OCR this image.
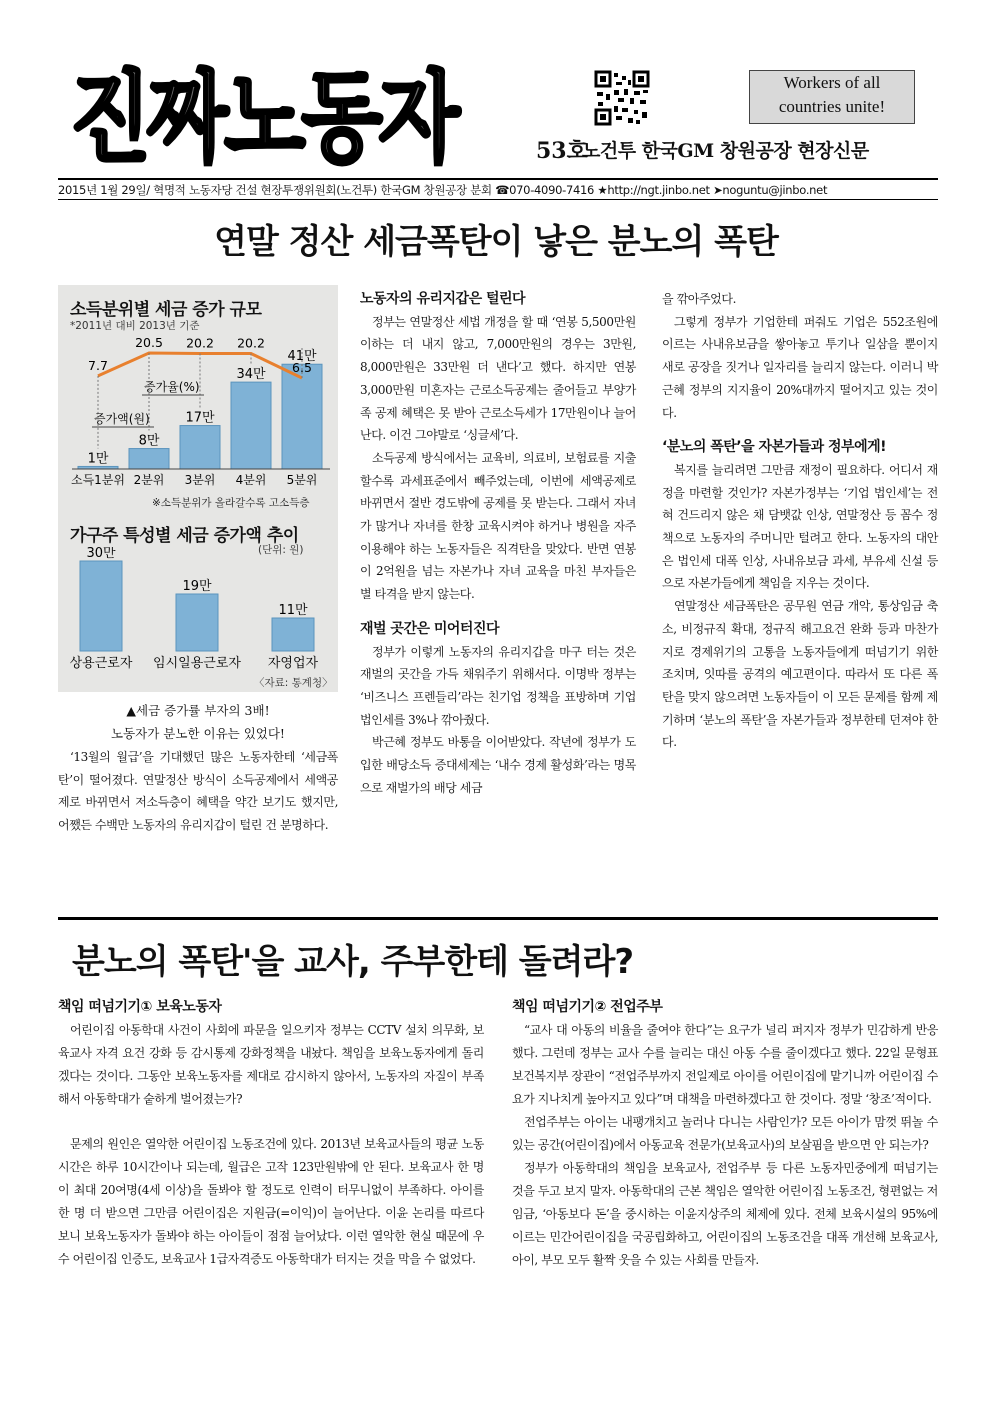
진짜노동자	Workers of all
countries unite!
53호
노건투 한국GM 창원공장 현장신문
2015년 1월 29일/ 혁명적 노동자당 건설 현장투쟁위원회(노건투) 한국GM 창원공장 분회 ☎070-4090-7416 ★http://ngt.jinbo.net ➤noguntu@jinbo.net
연말 정산 세금폭탄이 낳은 분노의 폭탄
소득분위별 세금 증가 규모
*2011년 대비 2013년 기준
1만
소득1분위
8만
2분위
17만
3분위
34만
4분위
41만
5분위
7.7
20.5 20.2 20.2
6.5
증가율(%)
증가액(원)
※소득분위가 올라갈수록 고소득층
가구주 특성별 세금 증가액 추이
(단위: 원)
30만
상용근로자
19만
임시일용근로자
11만
자영업자
〈자료: 통계청〉
▲세금 증가률 부자의 3배!
노동자가 분노한 이유는 있었다!

‘13월의 월급’을 기대했던 많은 노동자한테 ‘세금폭탄’이 떨어졌다. 연말정산 방식이 소득공제에서 세액공제로 바뀌면서 저소득층이 혜택을 약간 보기도 했지만, 어쨌든 수백만 노동자의 유리지갑이 털린 건 분명하다.

노동자의 유리지갑은 털린다

정부는 연말정산 세법 개정을 할 때 ‘연봉 5,500만원 이하는 더 내지 않고, 7,000만원의 경우는 3만원, 8,000만원은 33만원 더 낸다’고 했다. 하지만 연봉 3,000만원 미혼자는 근로소득공제는 줄어들고 부양가족 공제 혜택은 못 받아 근로소득세가 17만원이나 늘어난다. 이건 그야말로 ‘싱글세’다.

소득공제 방식에서는 교육비, 의료비, 보험료를 지출할수록 과세표준에서 빼주었는데, 이번에 세액공제로 바뀌면서 절반 경도밖에 공제를 못 받는다. 그래서 자녀가 많거나 자녀를 한창 교육시켜야 하거나 병원을 자주 이용해야 하는 노동자들은 직격탄을 맞았다. 반면 연봉이 2억원을 넘는 자본가나 자녀 교육을 마친 부자들은 별 타격을 받지 않는다.

재벌 곳간은 미어터진다

정부가 이렇게 노동자의 유리지갑을 마구 터는 것은 재벌의 곳간을 가득 채워주기 위해서다. 이명박 정부는 ‘비즈니스 프렌들리’라는 친기업 정책을 표방하며 기업 법인세를 3%나 깎아줬다.

박근혜 정부도 바통을 이어받았다. 작년에 정부가 도입한 배당소득 증대세제는 ‘내수 경제 활성화’라는 명목으로 재벌가의 배당 세금

을 깎아주었다.

그렇게 정부가 기업한테 퍼줘도 기업은 552조원에 이르는 사내유보금을 쌓아놓고 투기나 일삼을 뿐이지 새로 공장을 짓거나 일자리를 늘리지 않는다. 이러니 박근혜 정부의 지지율이 20%대까지 떨어지고 있는 것이다.

‘분노의 폭탄’을 자본가들과 정부에게!

복지를 늘리려면 그만큼 재정이 필요하다. 어디서 재정을 마련할 것인가? 자본가정부는 ‘기업 법인세’는 전혀 건드리지 않은 채 담뱃값 인상, 연말정산 등 꼼수 정책으로 노동자의 주머니만 털려고 한다. 노동자의 대안은 법인세 대폭 인상, 사내유보금 과세, 부유세 신설 등으로 자본가들에게 책임을 지우는 것이다.

연말정산 세금폭탄은 공무원 연금 개악, 통상임금 축소, 비정규직 확대, 정규직 해고요건 완화 등과 마찬가지로 경제위기의 고통을 노동자들에게 떠넘기기 위한 조치며, 잇따를 공격의 예고편이다. 따라서 또 다른 폭탄을 맞지 않으려면 노동자들이 이 모든 문제를 함께 제기하며 ‘분노의 폭탄’을 자본가들과 정부한테 던져야 한다.

분노의 폭탄'을 교사, 주부한테 돌려라?

책임 떠넘기기① 보육노동자

어린이집 아동학대 사건이 사회에 파문을 일으키자 정부는 CCTV 설치 의무화, 보육교사 자격 요건 강화 등 감시통제 강화정책을 내놨다. 책임을 보육노동자에게 돌리겠다는 것이다. 그동안 보육노동자를 제대로 감시하지 않아서, 노동자의 자질이 부족해서 아동학대가 숱하게 벌어졌는가?

문제의 원인은 열악한 어린이집 노동조건에 있다. 2013년 보육교사들의 평균 노동시간은 하루 10시간이나 되는데, 월급은 고작 123만원밖에 안 된다. 보육교사 한 명이 최대 20여명(4세 이상)을 돌봐야 할 정도로 인력이 터무니없이 부족하다. 아이를 한 명 더 받으면 그만큼 어린이집은 지원금(=이익)이 늘어난다. 이윤 논리를 따르다 보니 보육노동자가 돌봐야 하는 아이들이 점점 늘어났다. 이런 열악한 현실 때문에 우수 어린이집 인증도, 보육교사 1급자격증도 아동학대가 터지는 것을 막을 수 없었다.

책임 떠넘기기② 전업주부

“교사 대 아동의 비율을 줄여야 한다”는 요구가 널리 퍼지자 정부가 민감하게 반응했다. 그런데 정부는 교사 수를 늘리는 대신 아동 수를 줄이겠다고 했다. 22일 문형표 보건복지부 장관이 “전업주부까지 전일제로 아이를 어린이집에 맡기니까 어린이집 수요가 지나치게 높아지고 있다”며 대책을 마련하겠다고 한 것이다. 정말 ‘창조’적이다.

전업주부는 아이는 내팽개치고 놀러나 다니는 사람인가? 모든 아이가 맘껏 뛰놀 수 있는 공간(어린이집)에서 아동교육 전문가(보육교사)의 보살핌을 받으면 안 되는가?

정부가 아동학대의 책임을 보육교사, 전업주부 등 다른 노동자민중에게 떠넘기는 것을 두고 보지 말자. 아동학대의 근본 책임은 열악한 어린이집 노동조건, 형편없는 저임금, ‘아동보다 돈’을 중시하는 이윤지상주의 체제에 있다. 전체 보육시설의 95%에 이르는 민간어린이집을 국공립화하고, 어린이집의 노동조건을 대폭 개선해 보육교사, 아이, 부모 모두 활짝 웃을 수 있는 사회를 만들자.
